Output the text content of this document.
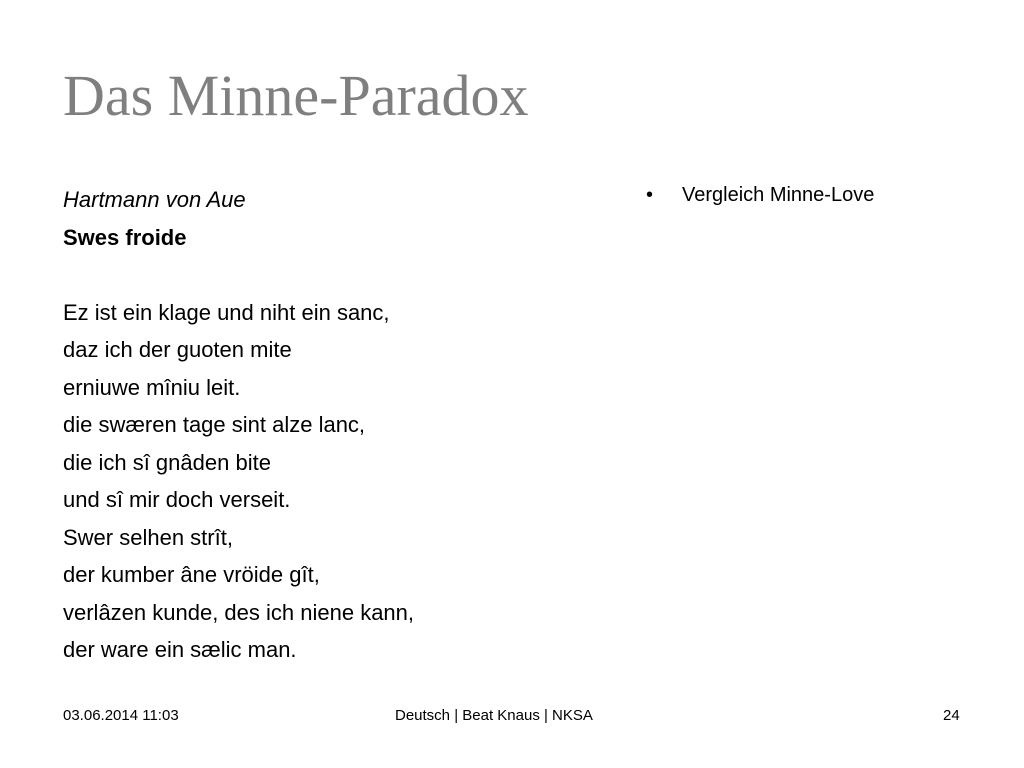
Das Minne-Paradox
Hartmann von Aue
Swes froide
Ez ist ein klage und niht ein sanc,
daz ich der guoten mite
erniuwe mîniu leit.
die swæren tage sint alze lanc,
die ich sî gnâden bite
und sî mir doch verseit.
Swer selhen strît,
der kumber âne vröide gît,
verlâzen kunde, des ich niene kann,
der ware ein sælic man.
•	Vergleich Minne-Love
03.06.2014 11:03	Deutsch | Beat Knaus | NKSA	24
